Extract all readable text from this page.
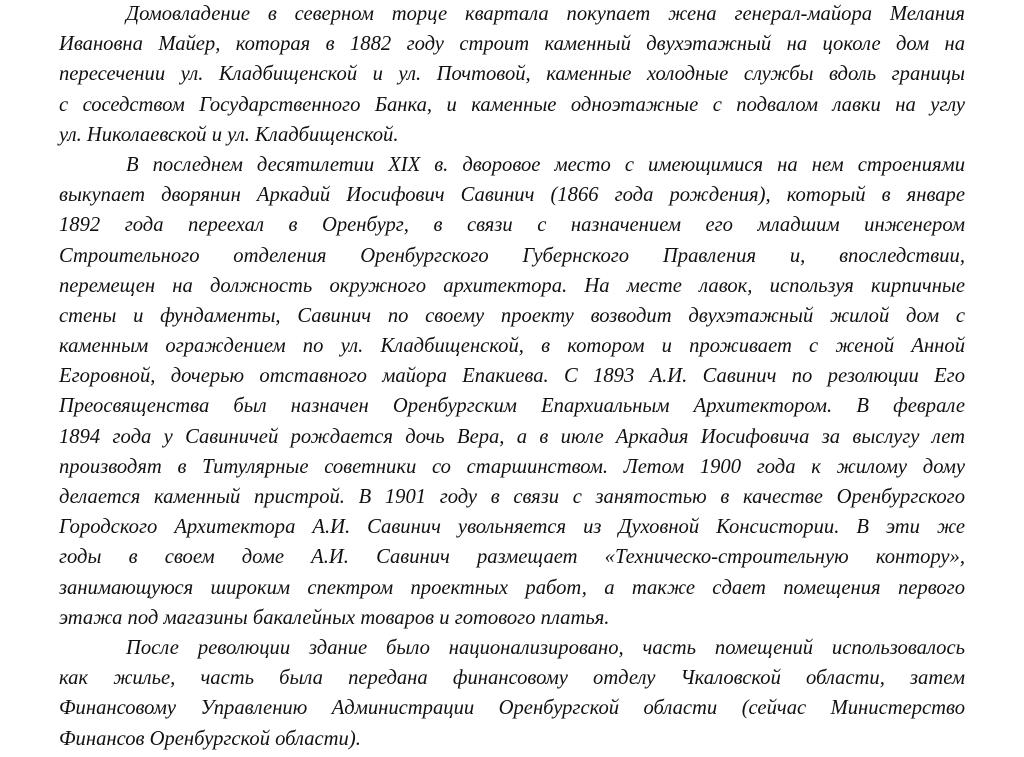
Домовладение в северном торце квартала покупает жена генерал-майора Мелания
Ивановна Майер, которая в 1882 году строит каменный двухэтажный на цоколе дом на
пересечении ул. Кладбищенской и ул. Почтовой, каменные холодные службы вдоль границы
с соседством Государственного Банка, и каменные одноэтажные с подвалом лавки на углу
ул. Николаевской и ул. Кладбищенской.
В последнем десятилетии XIX в. дворовое место с имеющимися на нем строениями
выкупает дворянин Аркадий Иосифович Савинич (1866 года рождения), который в январе
1892 года переехал в Оренбург, в связи с назначением его младшим инженером
Строительного отделения Оренбургского Губернского Правления и, впоследствии,
перемещен на должность окружного архитектора. На месте лавок, используя кирпичные
стены и фундаменты, Савинич по своему проекту возводит двухэтажный жилой дом с
каменным ограждением по ул. Кладбищенской, в котором и проживает с женой Анной
Егоровной, дочерью отставного майора Епакиева. С 1893 А.И. Савинич по резолюции Его
Преосвященства был назначен Оренбургским Епархиальным Архитектором. В феврале
1894 года у Савиничей рождается дочь Вера, а в июле Аркадия Иосифовича за выслугу лет
производят в Титулярные советники со старшинством. Летом 1900 года к жилому дому
делается каменный пристрой. В 1901 году в связи с занятостью в качестве Оренбургского
Городского Архитектора А.И. Савинич увольняется из Духовной Консистории. В эти же
годы в своем доме А.И. Савинич размещает «Техническо-строительную контору»,
занимающуюся широким спектром проектных работ, а также сдает помещения первого
этажа под магазины бакалейных товаров и готового платья.
После революции здание было национализировано, часть помещений использовалось
как жилье, часть была передана финансовому отделу Чкаловской области, затем
Финансовому Управлению Администрации Оренбургской области (сейчас Министерство
Финансов Оренбургской области).
